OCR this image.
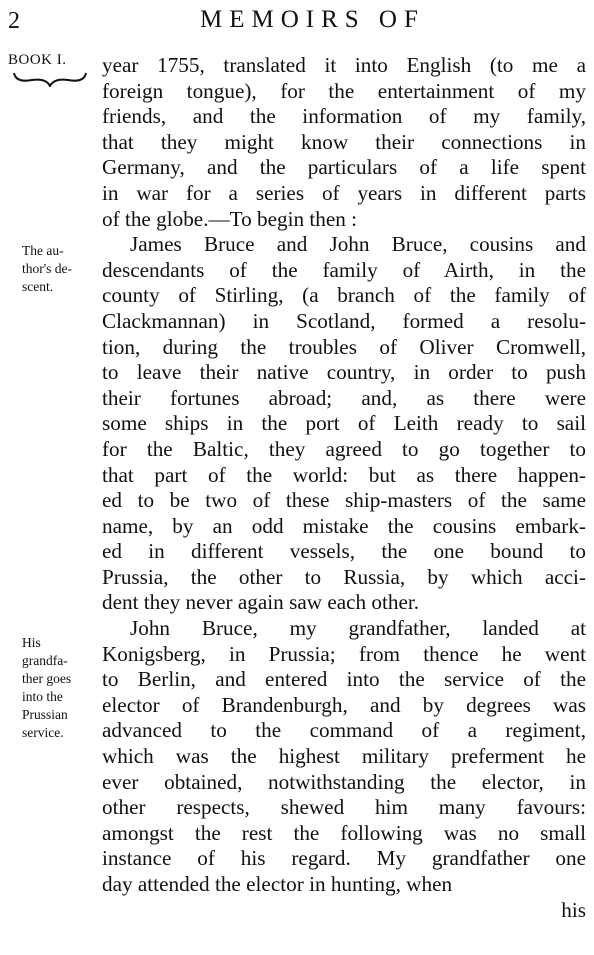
2	MEMOIRS OF
BOOK I.
The au-
thor's de-
scent.
His
grandfa-
ther goes
into the
Prussian
service.
year 1755, translated it into English (to me a
foreign tongue), for the entertainment of my
friends, and the information of my family,
that they might know their connections in
Germany, and the particulars of a life spent
in war for a series of years in different parts
of the globe.—To begin then :
James Bruce and John Bruce, cousins and
descendants of the family of Airth, in the
county of Stirling, (a branch of the family of
Clackmannan) in Scotland, formed a resolu-
tion, during the troubles of Oliver Cromwell,
to leave their native country, in order to push
their fortunes abroad; and, as there were
some ships in the port of Leith ready to sail
for the Baltic, they agreed to go together to
that part of the world: but as there happen-
ed to be two of these ship-masters of the same
name, by an odd mistake the cousins embark-
ed in different vessels, the one bound to
Prussia, the other to Russia, by which acci-
dent they never again saw each other.
John Bruce, my grandfather, landed at
Konigsberg, in Prussia; from thence he went
to Berlin, and entered into the service of the
elector of Brandenburgh, and by degrees was
advanced to the command of a regiment,
which was the highest military preferment he
ever obtained, notwithstanding the elector, in
other respects, shewed him many favours:
amongst the rest the following was no small
instance of his regard. My grandfather one
day attended the elector in hunting, when
his
